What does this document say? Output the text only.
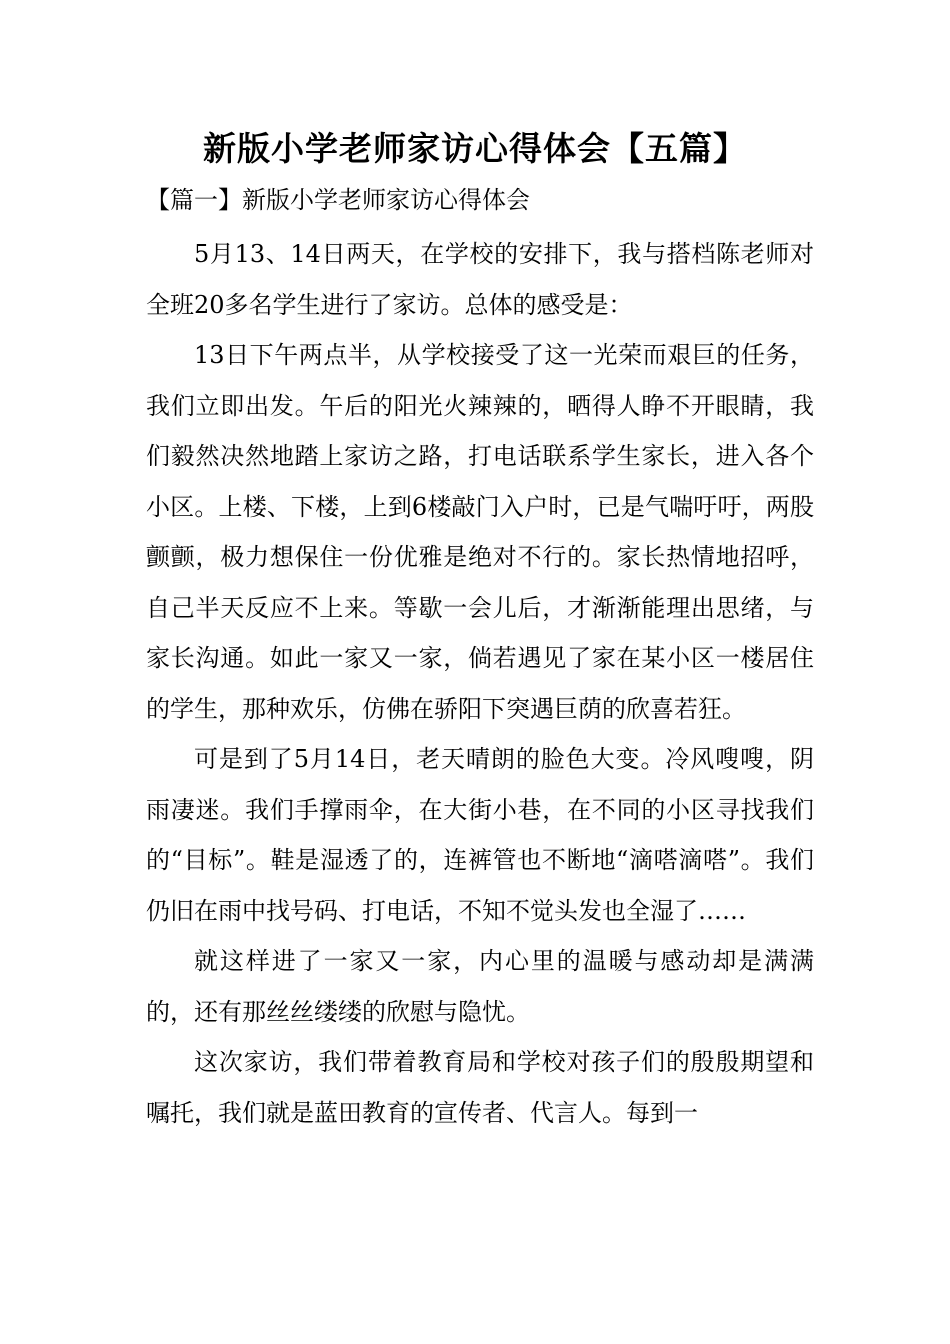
新版小学老师家访心得体会【五篇】

【篇一】新版小学老师家访心得体会

5月13、14日两天，在学校的安排下，我与搭档陈老师对全班20多名学生进行了家访。总体的感受是：

13日下午两点半，从学校接受了这一光荣而艰巨的任务，我们立即出发。午后的阳光火辣辣的，晒得人睁不开眼睛，我们毅然决然地踏上家访之路，打电话联系学生家长，进入各个小区。上楼、下楼，上到6楼敲门入户时，已是气喘吁吁，两股颤颤，极力想保住一份优雅是绝对不行的。家长热情地招呼，自己半天反应不上来。等歇一会儿后，才渐渐能理出思绪，与家长沟通。如此一家又一家，倘若遇见了家在某小区一楼居住的学生，那种欢乐，仿佛在骄阳下突遇巨荫的欣喜若狂。

可是到了5月14日，老天晴朗的脸色大变。冷风嗖嗖，阴雨凄迷。我们手撑雨伞，在大街小巷，在不同的小区寻找我们的“目标”。鞋是湿透了的，连裤管也不断地“滴嗒滴嗒”。我们仍旧在雨中找号码、打电话，不知不觉头发也全湿了……

就这样进了一家又一家，内心里的温暖与感动却是满满的，还有那丝丝缕缕的欣慰与隐忧。

这次家访，我们带着教育局和学校对孩子们的殷殷期望和嘱托，我们就是蓝田教育的宣传者、代言人。每到一
